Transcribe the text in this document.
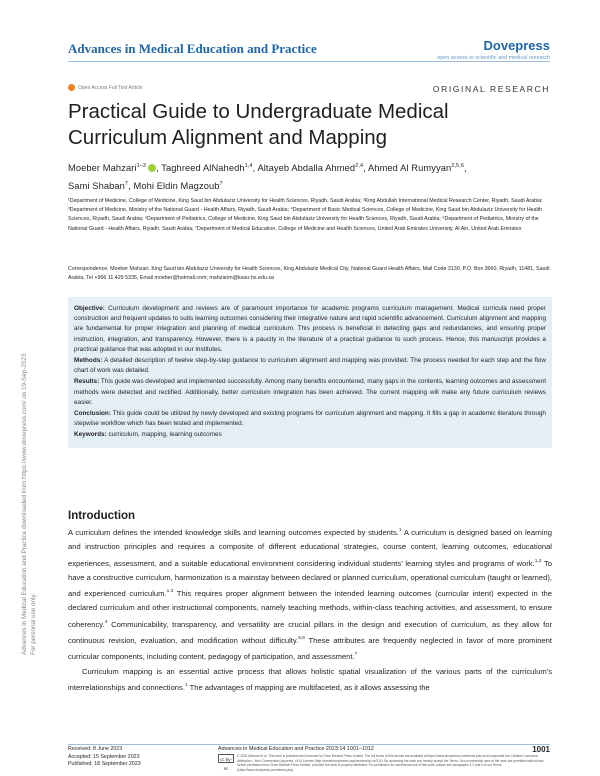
Advances in Medical Education and Practice	Dovepress
open access to scientific and medical research
Open Access Full Text Article	ORIGINAL RESEARCH
Practical Guide to Undergraduate Medical Curriculum Alignment and Mapping
Moeber Mahzari$^{1-3}$ , Taghreed AlNahedh$^{1,4}$, Altayeb Abdalla Ahmed$^{2,4}$, Ahmed Al Rumyyan$^{2,5,6}$,
Sami Shaban$^7$, Mohi Eldin Magzoub$^7$
¹Department of Medicine, College of Medicine, King Saud bin Abdulaziz University for Health Sciences, Riyadh, Saudi Arabia; ²King Abdullah International Medical Research Center, Riyadh, Saudi Arabia; ³Department of Medicine, Ministry of the National Guard - Health Affairs, Riyadh, Saudi Arabia; ⁴Department of Basic Medical Sciences, College of Medicine, King Saud bin Abdulaziz University for Health Sciences, Riyadh, Saudi Arabia; ⁵Department of Pediatrics, College of Medicine, King Saud bin Abdulaziz University for Health Sciences, Riyadh, Saudi Arabia; ⁶Department of Pediatrics, Ministry of the National Guard - Health Affairs, Riyadh, Saudi Arabia; ⁷Department of Medical Education, College of Medicine and Health Sciences, United Arab Emirates University, Al Ain, United Arab Emirates
Correspondence: Moeber Mahzari, King Saud bin Abdulaziz University for Health Sciences, King Abdulaziz Medical City, National Guard Health Affairs, Mail Code 3130, P.O. Box 3660, Riyadh, 11481, Saudi Arabia, Tel +966 11 429 5335, Email moeber@hotmail.com; mahzarim@ksau-hs.edu.sa

Objective: Curriculum development and reviews are of paramount importance for academic programs curriculum management. Medical curricula need proper construction and frequent updates to suits learning outcomes considering their integrative nature and rapid scientific advancement. Curriculum alignment and mapping are fundamental for proper integration and planning of medical curriculum. This process is beneficial in detecting gaps and redundancies, and ensuring proper instruction, integration, and transparency. However, there is a paucity in the literature of a practical guidance to such process. Hence, this manuscript provides a practical guidance that was adopted in our institutes.

Methods: A detailed description of twelve step-by-step guidance to curriculum alignment and mapping was provided. The process needed for each step and the flow chart of work was detailed.

Results: This guide was developed and implemented successfully. Among many benefits encountered, many gaps in the contents, learning outcomes and assessment methods were detected and rectified. Additionally, better curriculum integration has been achieved. The current mapping will make any future curriculum reviews easier.

Conclusion: This guide could be utilized by newly developed and existing programs for curriculum alignment and mapping. It fills a gap in academic literature through stepwise workflow which has been tested and implemented.

Keywords: curriculum, mapping, learning outcomes

Advances in Medical Education and Practice downloaded from https://www.dovepress.com/ on 19-Sep-2023 For personal use only.
Introduction

A curriculum defines the intended knowledge skills and learning outcomes expected by students.$^1$ A curriculum is designed based on learning and instruction principles and requires a composite of different educational strategies, course content, learning outcomes, educational experiences, assessment, and a suitable educational environment considering individual students’ learning styles and programs of work.$^{1,2}$ To have a constructive curriculum, harmonization is a mainstay between declared or planned curriculum, operational curriculum (taught or learned), and experienced curriculum.$^{1,3}$ This requires proper alignment between the intended learning outcomes (curricular intent) expected in the declared curriculum and other instructional components, namely teaching methods, within-class teaching activities, and assessment, to ensure coherency.$^4$ Communicability, transparency, and versatility are crucial pillars in the design and execution of curriculum, as they allow for continuous revision, evaluation, and modification without difficulty.$^{5,6}$ These attributes are frequently neglected in favor of more prominent curricular components, including content, pedagogy of participation, and assessment.$^7$

Curriculum mapping is an essential active process that allows holistic spatial visualization of the various parts of the curriculum’s interrelationships and connections.$^1$ The advantages of mapping are multifaceted, as it allows assessing the

Received: 8 June 2023
Accepted: 15 September 2023
Published: 18 September 2023
Advances in Medical Education and Practice 2023:14 1001–1012	1001
cc by-nc
© 2023 Mahzari et al. This work is published and licensed by Dove Medical Press Limited. The full terms of this license are available at https://www.dovepress.com/terms.php and incorporate the Creative Commons Attribution – Non Commercial (unported, v3.0) License (http://creativecommons.org/licenses/by-nc/3.0/). By accessing the work you hereby accept the Terms. Non-commercial uses of the work are permitted without any further permission from Dove Medical Press Limited, provided the work is properly attributed. For permission for commercial use of this work, please see paragraphs 4.2 and 5 of our Terms (https://www.dovepress.com/terms.php).
